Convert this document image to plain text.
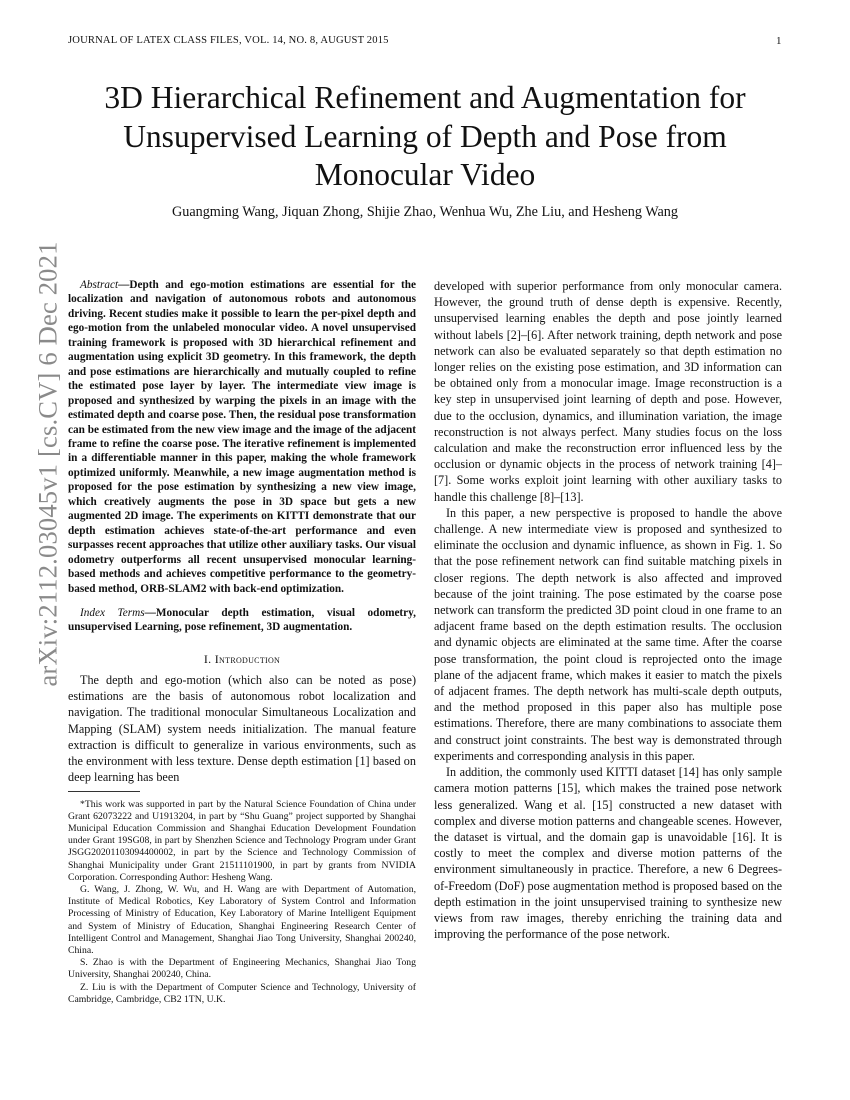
JOURNAL OF LATEX CLASS FILES, VOL. 14, NO. 8, AUGUST 2015	1
arXiv:2112.03045v1 [cs.CV] 6 Dec 2021
3D Hierarchical Refinement and Augmentation for Unsupervised Learning of Depth and Pose from Monocular Video
Guangming Wang, Jiquan Zhong, Shijie Zhao, Wenhua Wu, Zhe Liu, and Hesheng Wang

Abstract—Depth and ego-motion estimations are essential for the localization and navigation of autonomous robots and autonomous driving. Recent studies make it possible to learn the per-pixel depth and ego-motion from the unlabeled monocular video. A novel unsupervised training framework is proposed with 3D hierarchical refinement and augmentation using explicit 3D geometry. In this framework, the depth and pose estimations are hierarchically and mutually coupled to refine the estimated pose layer by layer. The intermediate view image is proposed and synthesized by warping the pixels in an image with the estimated depth and coarse pose. Then, the residual pose transformation can be estimated from the new view image and the image of the adjacent frame to refine the coarse pose. The iterative refinement is implemented in a differentiable manner in this paper, making the whole framework optimized uniformly. Meanwhile, a new image augmentation method is proposed for the pose estimation by synthesizing a new view image, which creatively augments the pose in 3D space but gets a new augmented 2D image. The experiments on KITTI demonstrate that our depth estimation achieves state-of-the-art performance and even surpasses recent approaches that utilize other auxiliary tasks. Our visual odometry outperforms all recent unsupervised monocular learning-based methods and achieves competitive performance to the geometry-based method, ORB-SLAM2 with back-end optimization.

Index Terms—Monocular depth estimation, visual odometry, unsupervised Learning, pose refinement, 3D augmentation.

I. Introduction

The depth and ego-motion (which also can be noted as pose) estimations are the basis of autonomous robot localization and navigation. The traditional monocular Simultaneous Localization and Mapping (SLAM) system needs initialization. The manual feature extraction is difficult to generalize in various environments, such as the environment with less texture. Dense depth estimation [1] based on deep learning has been

*This work was supported in part by the Natural Science Foundation of China under Grant 62073222 and U1913204, in part by “Shu Guang” project supported by Shanghai Municipal Education Commission and Shanghai Education Development Foundation under Grant 19SG08, in part by Shenzhen Science and Technology Program under Grant JSGG20201103094400002, in part by the Science and Technology Commission of Shanghai Municipality under Grant 21511101900, in part by grants from NVIDIA Corporation. Corresponding Author: Hesheng Wang.

G. Wang, J. Zhong, W. Wu, and H. Wang are with Department of Automation, Institute of Medical Robotics, Key Laboratory of System Control and Information Processing of Ministry of Education, Key Laboratory of Marine Intelligent Equipment and System of Ministry of Education, Shanghai Engineering Research Center of Intelligent Control and Management, Shanghai Jiao Tong University, Shanghai 200240, China.

S. Zhao is with the Department of Engineering Mechanics, Shanghai Jiao Tong University, Shanghai 200240, China.

Z. Liu is with the Department of Computer Science and Technology, University of Cambridge, Cambridge, CB2 1TN, U.K.

developed with superior performance from only monocular camera. However, the ground truth of dense depth is expensive. Recently, unsupervised learning enables the depth and pose jointly learned without labels [2]–[6]. After network training, depth network and pose network can also be evaluated separately so that depth estimation no longer relies on the existing pose estimation, and 3D information can be obtained only from a monocular image. Image reconstruction is a key step in unsupervised joint learning of depth and pose. However, due to the occlusion, dynamics, and illumination variation, the image reconstruction is not always perfect. Many studies focus on the loss calculation and make the reconstruction error influenced less by the occlusion or dynamic objects in the process of network training [4]–[7]. Some works exploit joint learning with other auxiliary tasks to handle this challenge [8]–[13].

In this paper, a new perspective is proposed to handle the above challenge. A new intermediate view is proposed and synthesized to eliminate the occlusion and dynamic influence, as shown in Fig. 1. So that the pose refinement network can find suitable matching pixels in closer regions. The depth network is also affected and improved because of the joint training. The pose estimated by the coarse pose network can transform the predicted 3D point cloud in one frame to an adjacent frame based on the depth estimation results. The occlusion and dynamic objects are eliminated at the same time. After the coarse pose transformation, the point cloud is reprojected onto the image plane of the adjacent frame, which makes it easier to match the pixels of adjacent frames. The depth network has multi-scale depth outputs, and the method proposed in this paper also has multiple pose estimations. Therefore, there are many combinations to associate them and construct joint constraints. The best way is demonstrated through experiments and corresponding analysis in this paper.

In addition, the commonly used KITTI dataset [14] has only sample camera motion patterns [15], which makes the trained pose network less generalized. Wang et al. [15] constructed a new dataset with complex and diverse motion patterns and changeable scenes. However, the dataset is virtual, and the domain gap is unavoidable [16]. It is costly to meet the complex and diverse motion patterns of the environment simultaneously in practice. Therefore, a new 6 Degrees-of-Freedom (DoF) pose augmentation method is proposed based on the depth estimation in the joint unsupervised training to synthesize new views from raw images, thereby enriching the training data and improving the performance of the pose network.
